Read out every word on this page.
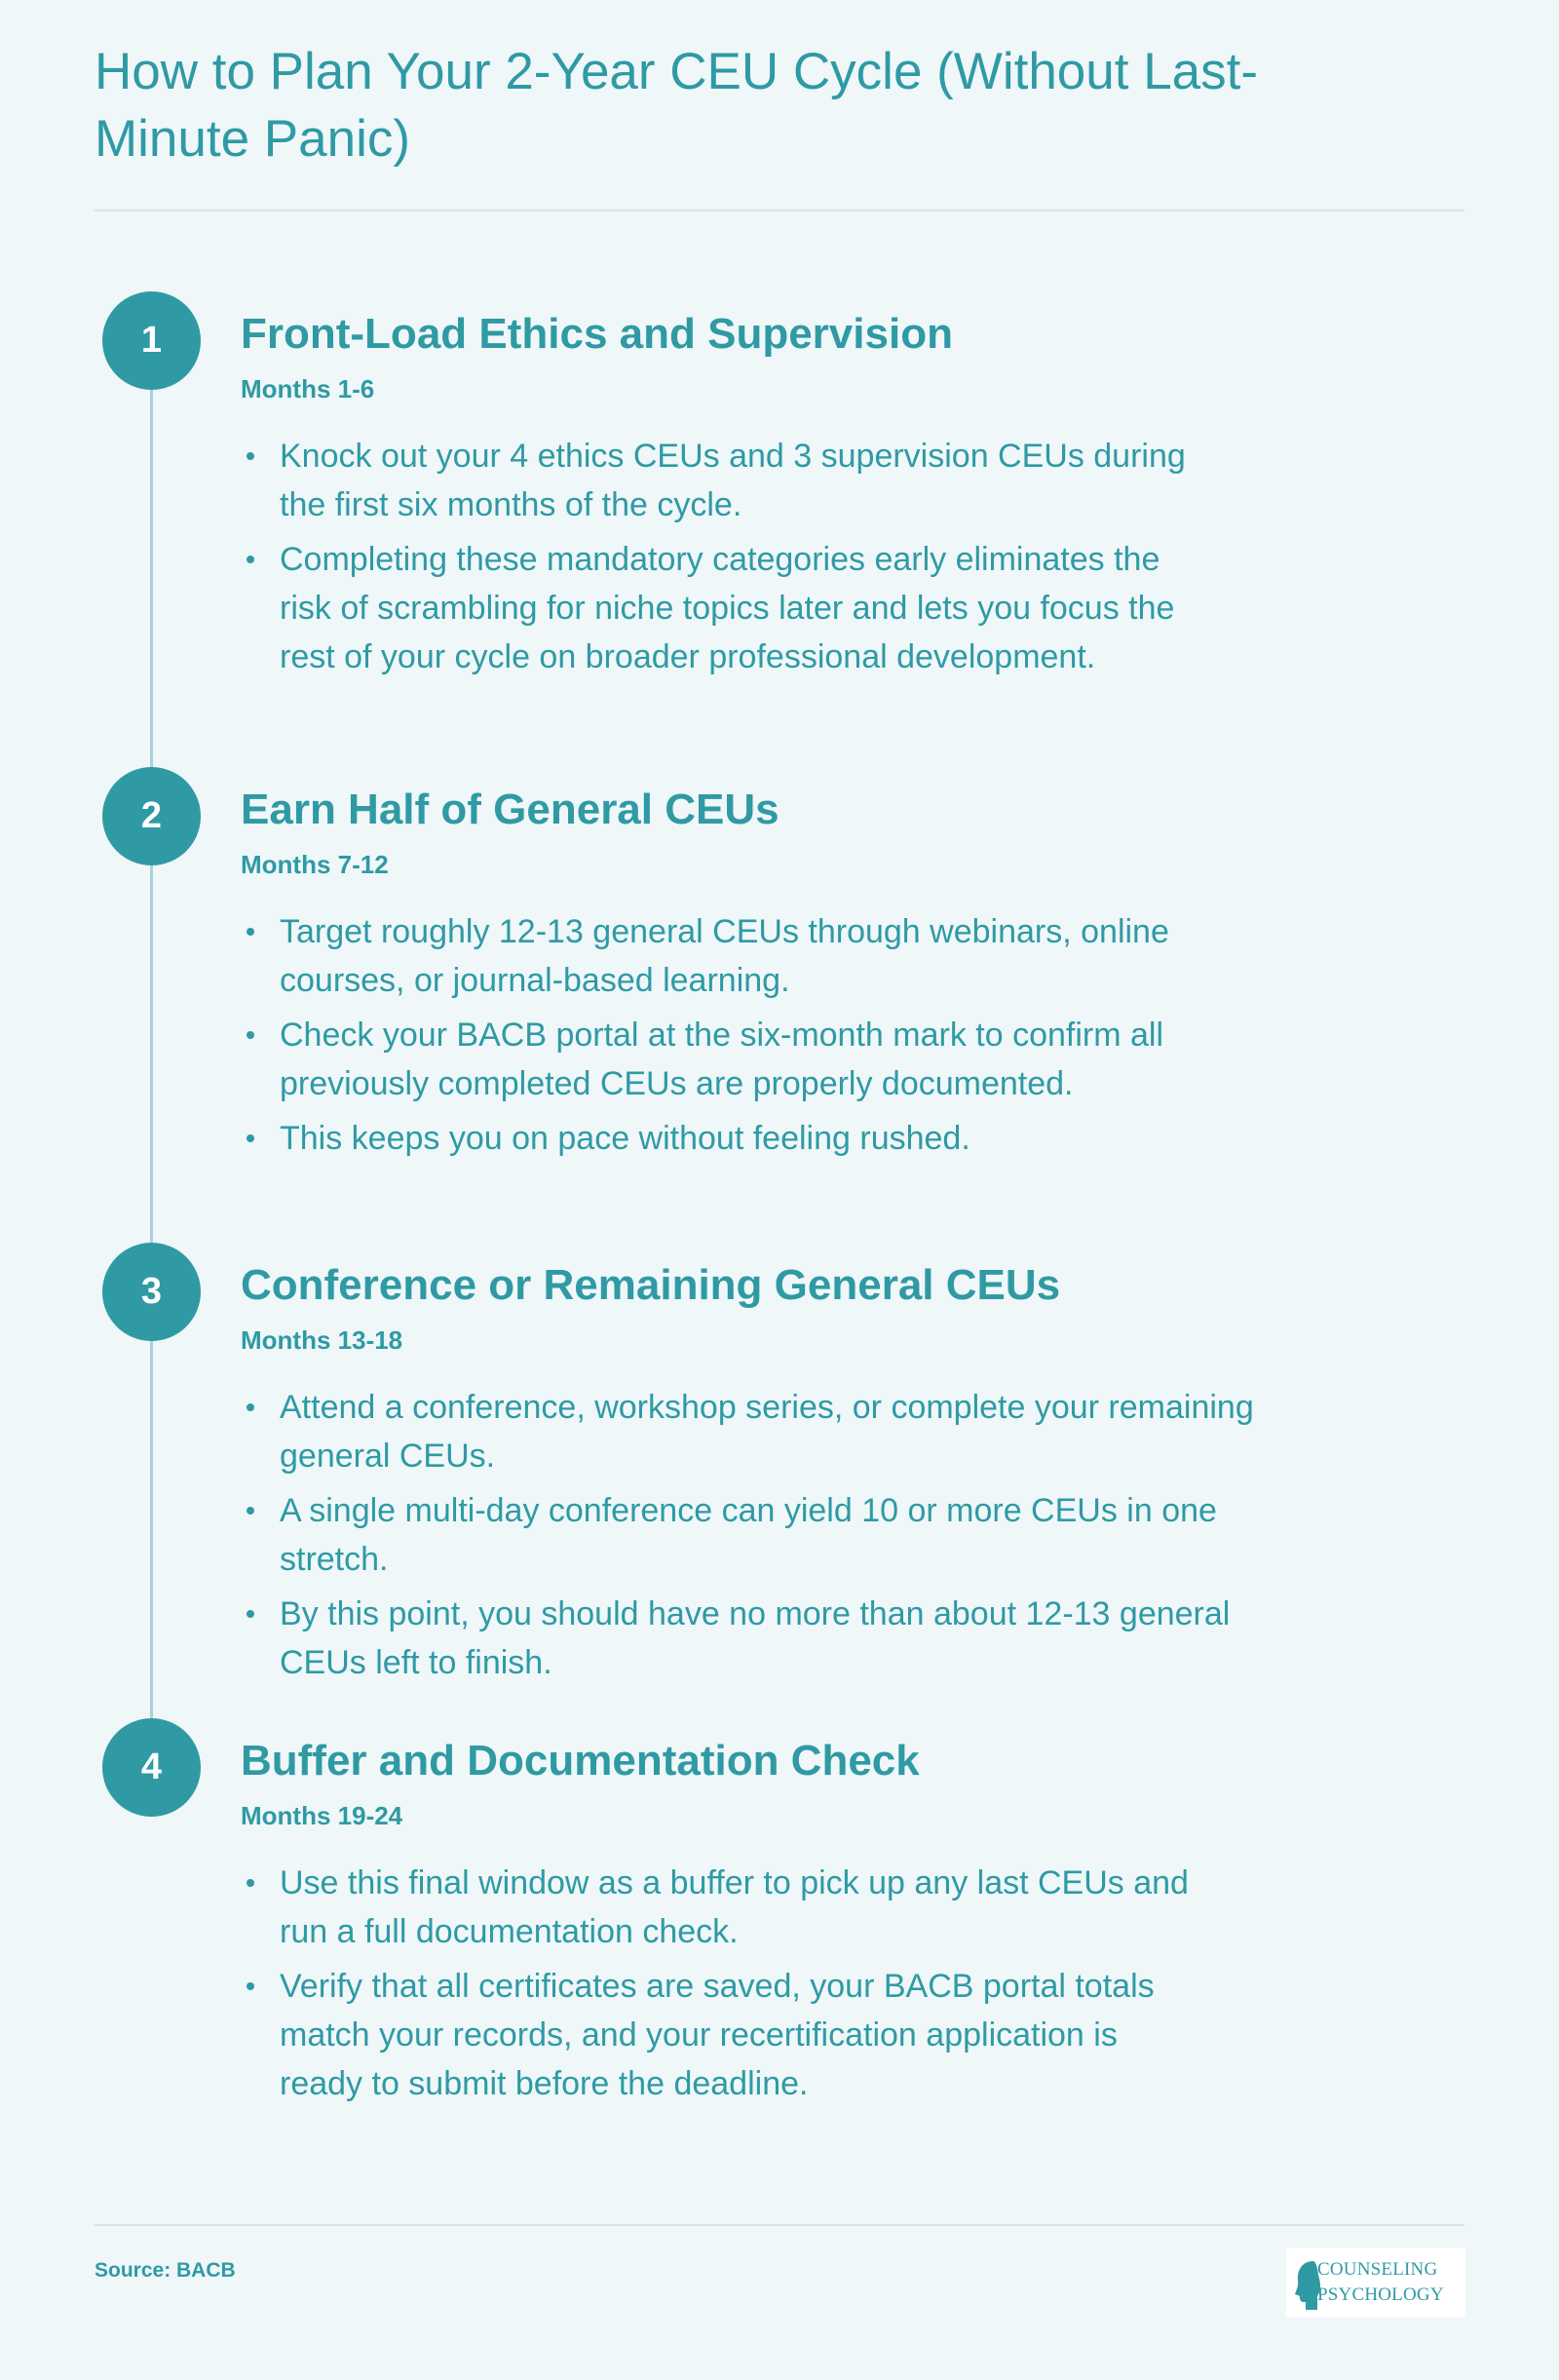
How to Plan Your 2-Year CEU Cycle (Without Last-Minute Panic)
1	Front-Load Ethics and Supervision
Months 1-6
Knock out your 4 ethics CEUs and 3 supervision CEUs during the first six months of the cycle.
Completing these mandatory categories early eliminates the risk of scrambling for niche topics later and lets you focus the rest of your cycle on broader professional development.
2	Earn Half of General CEUs
Months 7-12
Target roughly 12-13 general CEUs through webinars, online courses, or journal-based learning.
Check your BACB portal at the six-month mark to confirm all previously completed CEUs are properly documented.
This keeps you on pace without feeling rushed.
3	Conference or Remaining General CEUs
Months 13-18
Attend a conference, workshop series, or complete your remaining general CEUs.
A single multi-day conference can yield 10 or more CEUs in one stretch.
By this point, you should have no more than about 12-13 general CEUs left to finish.
4	Buffer and Documentation Check
Months 19-24
Use this final window as a buffer to pick up any last CEUs and run a full documentation check.
Verify that all certificates are saved, your BACB portal totals match your records, and your recertification application is ready to submit before the deadline.
Source: BACB	COUNSELING
PSYCHOLOGY
